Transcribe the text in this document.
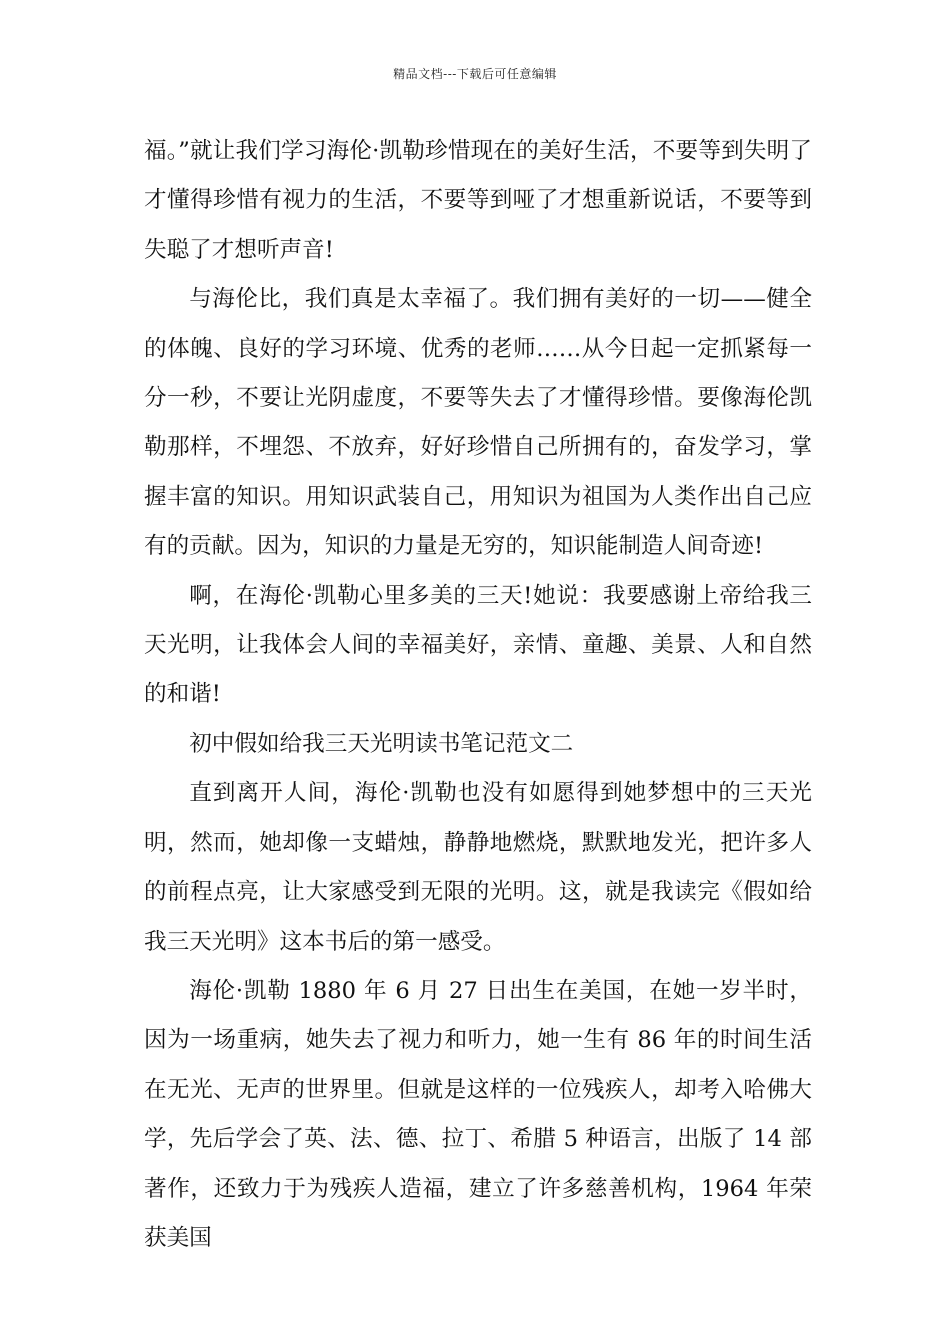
精品文档---下载后可任意编辑

福。”就让我们学习海伦·凯勒珍惜现在的美好生活，不要等到失明了才懂得珍惜有视力的生活，不要等到哑了才想重新说话，不要等到失聪了才想听声音!

与海伦比，我们真是太幸福了。我们拥有美好的一切——健全的体魄、良好的学习环境、优秀的老师……从今日起一定抓紧每一分一秒，不要让光阴虚度，不要等失去了才懂得珍惜。要像海伦凯勒那样，不埋怨、不放弃，好好珍惜自己所拥有的，奋发学习，掌握丰富的知识。用知识武装自己，用知识为祖国为人类作出自己应有的贡献。因为，知识的力量是无穷的，知识能制造人间奇迹!

啊，在海伦·凯勒心里多美的三天!她说：我要感谢上帝给我三天光明，让我体会人间的幸福美好，亲情、童趣、美景、人和自然的和谐!

初中假如给我三天光明读书笔记范文二

直到离开人间，海伦·凯勒也没有如愿得到她梦想中的三天光明，然而，她却像一支蜡烛，静静地燃烧，默默地发光，把许多人的前程点亮，让大家感受到无限的光明。这，就是我读完《假如给我三天光明》这本书后的第一感受。

海伦·凯勒 1880 年 6 月 27 日出生在美国，在她一岁半时，因为一场重病，她失去了视力和听力，她一生有 86 年的时间生活在无光、无声的世界里。但就是这样的一位残疾人，却考入哈佛大学，先后学会了英、法、德、拉丁、希腊 5 种语言，出版了 14 部著作，还致力于为残疾人造福，建立了许多慈善机构，1964 年荣获美国
